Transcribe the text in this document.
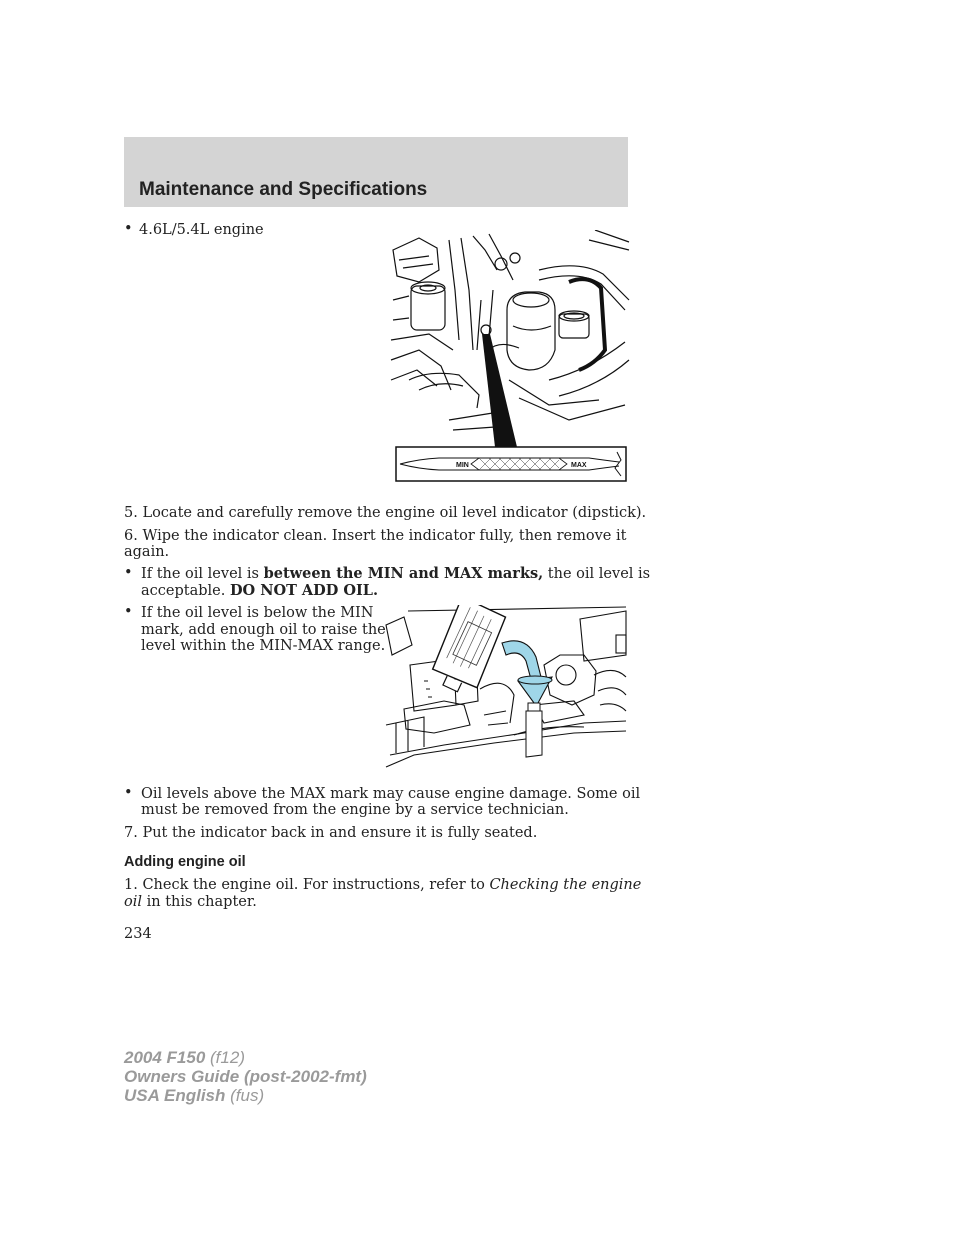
Maintenance and Specifications
• 4.6L/5.4L engine
MIN	MAX
5. Locate and carefully remove the engine oil level indicator (dipstick).
6. Wipe the indicator clean. Insert the indicator fully, then remove it
again.
• If the oil level is between the MIN and MAX marks, the oil level is
acceptable. DO NOT ADD OIL.
• If the oil level is below the MIN
mark, add enough oil to raise the
level within the MIN-MAX range.
• Oil levels above the MAX mark may cause engine damage. Some oil
must be removed from the engine by a service technician.
7. Put the indicator back in and ensure it is fully seated.
Adding engine oil
1. Check the engine oil. For instructions, refer to Checking the engine
oil in this chapter.
234
2004 F150 (f12)
Owners Guide (post-2002-fmt)
USA English (fus)
